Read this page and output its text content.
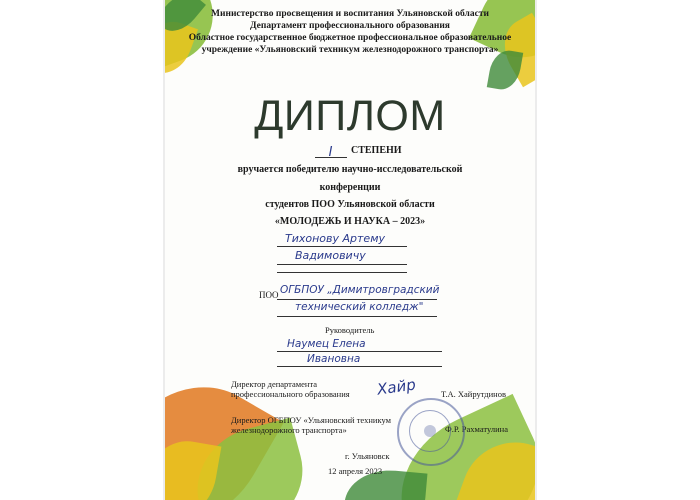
Министерство просвещения и воспитания Ульяновской области
Департамент профессионального образования
Областное государственное бюджетное профессиональное образовательное
учреждение «Ульяновский техникум железнодорожного транспорта»
ДИПЛОМ
I	СТЕПЕНИ
вручается победителю научно-исследовательской
конференции
студентов ПОО Ульяновской области
«МОЛОДЕЖЬ И НАУКА – 2023»
Тихонову Артему
Вадимовичу
ПОО ОГБПОУ „Димитровградский
технический колледж"
Руководитель
Наумец Елена
Ивановна
Директор департамента
профессионального образования Хайр	Т.А. Хайрутдинов
Директор ОГБПОУ «Ульяновский техникум
железнодорожного транспорта»	Ф.Р. Рахматулина
г. Ульяновск
12 апреля 2023
